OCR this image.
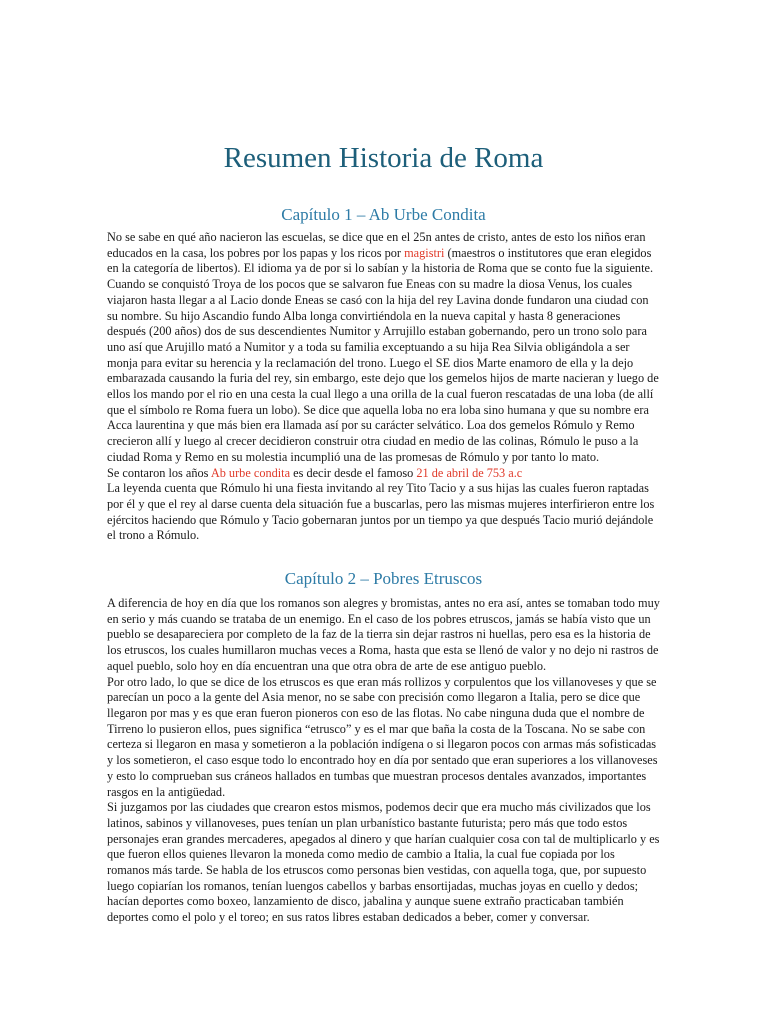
Resumen Historia de Roma
Capítulo 1 – Ab Urbe Condita

No se sabe en qué año nacieron las escuelas, se dice que en el 25n antes de cristo, antes de esto los niños eran educados en la casa, los pobres por los papas y los ricos por magistri (maestros o institutores que eran elegidos en la categoría de libertos). El idioma ya de por si lo sabían y la historia de Roma que se conto fue la siguiente.

Cuando se conquistó Troya de los pocos que se salvaron fue Eneas con su madre la diosa Venus, los cuales viajaron hasta llegar a al Lacio donde Eneas se casó con la hija del rey Lavina donde fundaron una ciudad con su nombre. Su hijo Ascandio fundo Alba longa convirtiéndola en la nueva capital y hasta 8 generaciones después (200 años) dos de sus descendientes Numitor y Arrujillo estaban gobernando, pero un trono solo para uno así que Arujillo mató a Numitor y a toda su familia exceptuando a su hija Rea Silvia obligándola a ser monja para evitar su herencia y la reclamación del trono. Luego el SE dios Marte enamoro de ella y la dejo embarazada causando la furia del rey, sin embargo, este dejo que los gemelos hijos de marte nacieran y luego de ellos los mando por el rio en una cesta la cual llego a una orilla de la cual fueron rescatadas de una loba (de allí que el símbolo re Roma fuera un lobo). Se dice que aquella loba no era loba sino humana y que su nombre era Acca laurentina y que más bien era llamada así por su carácter selvático. Loa dos gemelos Rómulo y Remo crecieron allí y luego al crecer decidieron construir otra ciudad en medio de las colinas, Rómulo le puso a la ciudad Roma y Remo en su molestia incumplió una de las promesas de Rómulo y por tanto lo mato.

Se contaron los años Ab urbe condita es decir desde el famoso 21 de abril de 753 a.c

La leyenda cuenta que Rómulo hi una fiesta invitando al rey Tito Tacio y a sus hijas las cuales fueron raptadas por él y que el rey al darse cuenta dela situación fue a buscarlas, pero las mismas mujeres interfirieron entre los ejércitos haciendo que Rómulo y Tacio gobernaran juntos por un tiempo ya que después Tacio murió dejándole el trono a Rómulo.

Capítulo 2 – Pobres Etruscos

A diferencia de hoy en día que los romanos son alegres y bromistas, antes no era así, antes se tomaban todo muy en serio y más cuando se trataba de un enemigo. En el caso de los pobres etruscos, jamás se había visto que un pueblo se desapareciera por completo de la faz de la tierra sin dejar rastros ni huellas, pero esa es la historia de los etruscos, los cuales humillaron muchas veces a Roma, hasta que esta se llenó de valor y no dejo ni rastros de aquel pueblo, solo hoy en día encuentran una que otra obra de arte de ese antiguo pueblo.

Por otro lado, lo que se dice de los etruscos es que eran más rollizos y corpulentos que los villanoveses y que se parecían un poco a la gente del Asia menor, no se sabe con precisión como llegaron a Italia, pero se dice que llegaron por mas y es que eran fueron pioneros con eso de las flotas. No cabe ninguna duda que el nombre de Tirreno lo pusieron ellos, pues significa “etrusco” y es el mar que baña la costa de la Toscana. No se sabe con certeza si llegaron en masa y sometieron a la población indígena o si llegaron pocos con armas más sofisticadas y los sometieron, el caso esque todo lo encontrado hoy en día por sentado que eran superiores a los villanoveses y esto lo comprueban sus cráneos hallados en tumbas que muestran procesos dentales avanzados, importantes rasgos en la antigüedad.

Si juzgamos por las ciudades que crearon estos mismos, podemos decir que era mucho más civilizados que los latinos, sabinos y villanoveses, pues tenían un plan urbanístico bastante futurista; pero más que todo estos personajes eran grandes mercaderes, apegados al dinero y que harían cualquier cosa con tal de multiplicarlo y es que fueron ellos quienes llevaron la moneda como medio de cambio a Italia, la cual fue copiada por los romanos más tarde. Se habla de los etruscos como personas bien vestidas, con aquella toga, que, por supuesto luego copiarían los romanos, tenían luengos cabellos y barbas ensortijadas, muchas joyas en cuello y dedos; hacían deportes como boxeo, lanzamiento de disco, jabalina y aunque suene extraño practicaban también deportes como el polo y el toreo; en sus ratos libres estaban dedicados a beber, comer y conversar.
